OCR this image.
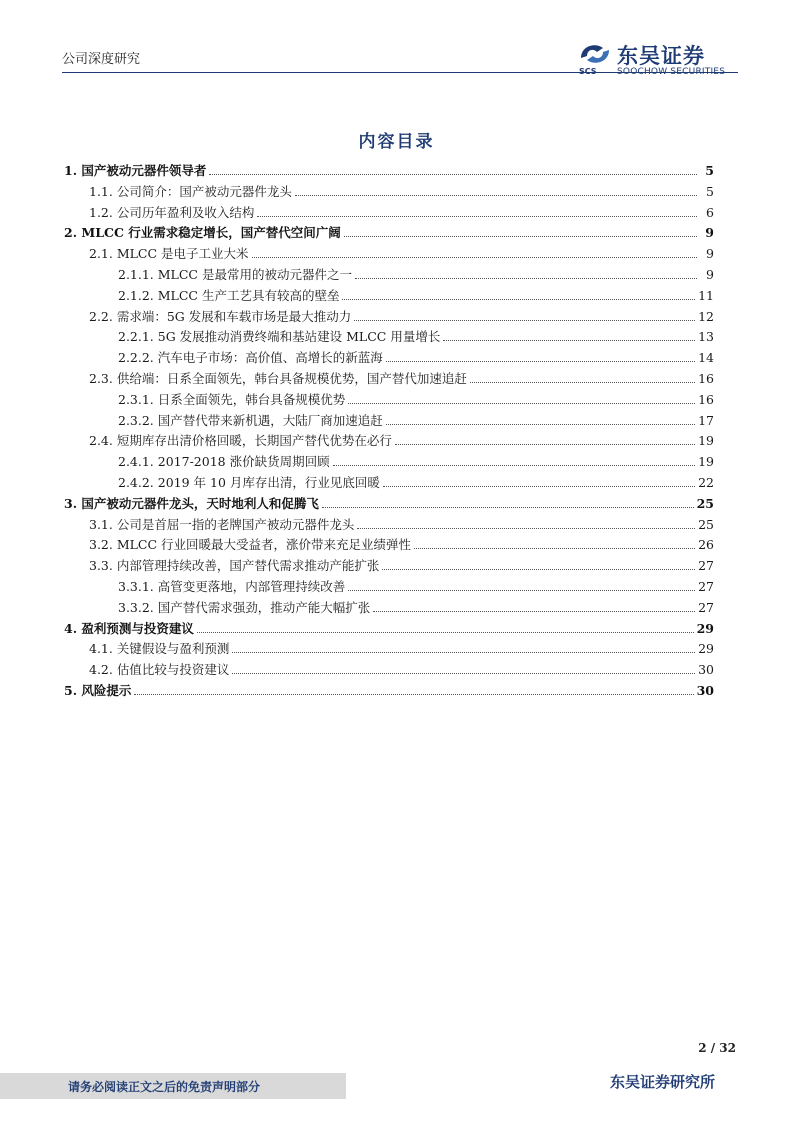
公司深度研究
SCS
东吴证券
SOOCHOW SECURITIES
内容目录
1. 国产被动元器件领导者	5
1.1. 公司简介：国产被动元器件龙头	5
1.2. 公司历年盈利及收入结构	6
2. MLCC 行业需求稳定增长，国产替代空间广阔	9
2.1. MLCC 是电子工业大米	9
2.1.1. MLCC 是最常用的被动元器件之一	9
2.1.2. MLCC 生产工艺具有较高的壁垒	11
2.2. 需求端：5G 发展和车载市场是最大推动力	12
2.2.1. 5G 发展推动消费终端和基站建设 MLCC 用量增长	13
2.2.2. 汽车电子市场：高价值、高增长的新蓝海	14
2.3. 供给端：日系全面领先，韩台具备规模优势，国产替代加速追赶	16
2.3.1. 日系全面领先，韩台具备规模优势	16
2.3.2. 国产替代带来新机遇，大陆厂商加速追赶	17
2.4. 短期库存出清价格回暖，长期国产替代优势在必行	19
2.4.1. 2017-2018 涨价缺货周期回顾	19
2.4.2. 2019 年 10 月库存出清，行业见底回暖	22
3. 国产被动元器件龙头，天时地利人和促腾飞	25
3.1. 公司是首屈一指的老牌国产被动元器件龙头	25
3.2. MLCC 行业回暖最大受益者，涨价带来充足业绩弹性	26
3.3. 内部管理持续改善，国产替代需求推动产能扩张	27
3.3.1. 高管变更落地，内部管理持续改善	27
3.3.2. 国产替代需求强劲，推动产能大幅扩张	27
4. 盈利预测与投资建议	29
4.1. 关键假设与盈利预测	29
4.2. 估值比较与投资建议	30
5. 风险提示	30
2 / 32
请务必阅读正文之后的免责声明部分	东吴证券研究所
